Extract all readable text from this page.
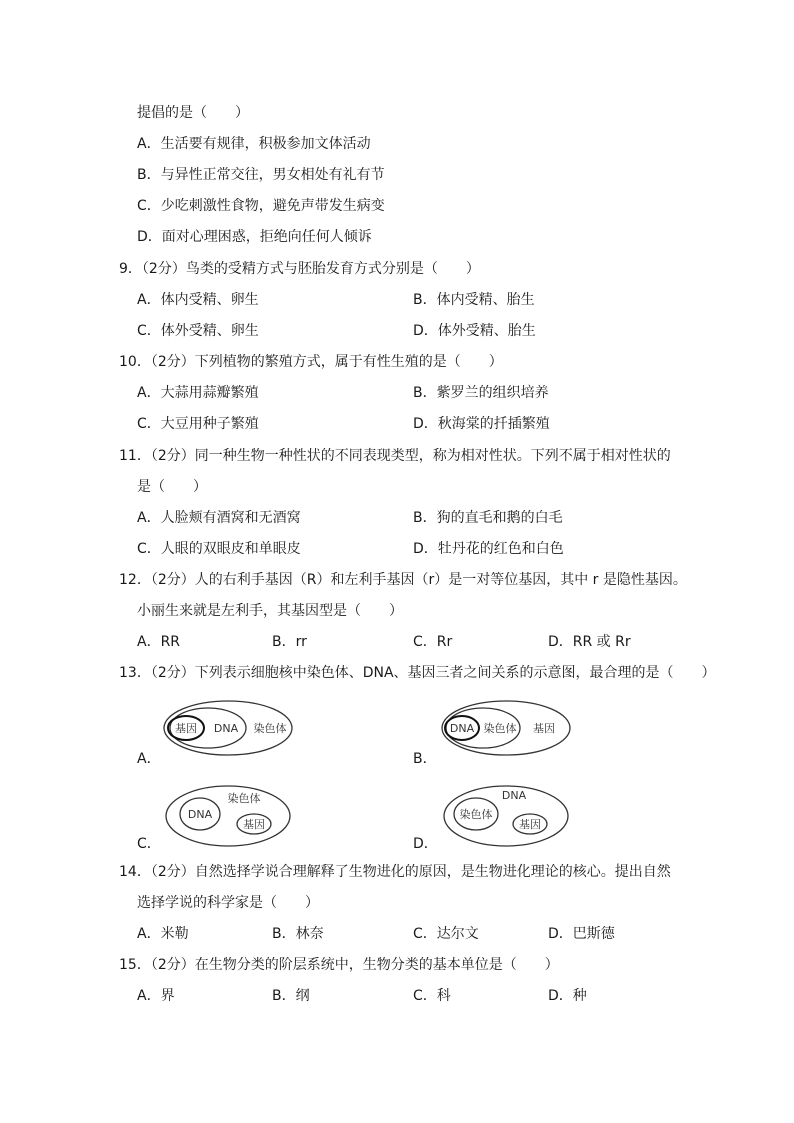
提倡的是（　　）
A．生活要有规律，积极参加文体活动
B．与异性正常交往，男女相处有礼有节
C．少吃刺激性食物，避免声带发生病变
D．面对心理困惑，拒绝向任何人倾诉
9．（2分）鸟类的受精方式与胚胎发育方式分别是（　　）
A．体内受精、卵生	B．体内受精、胎生
C．体外受精、卵生	D．体外受精、胎生
10．（2分）下列植物的繁殖方式，属于有性生殖的是（　　）
A．大蒜用蒜瓣繁殖	B．紫罗兰的组织培养
C．大豆用种子繁殖	D．秋海棠的扦插繁殖
11．（2分）同一种生物一种性状的不同表现类型，称为相对性状。下列不属于相对性状的
是（　　）
A．人脸颊有酒窝和无酒窝	B．狗的直毛和鹅的白毛
C．人眼的双眼皮和单眼皮	D．牡丹花的红色和白色
12．（2分）人的右利手基因（R）和左利手基因（r）是一对等位基因，其中 r 是隐性基因。
小丽生来就是左利手，其基因型是（　　）
A．RR	B．rr	C．Rr	D．RR 或 Rr
13．（2分）下列表示细胞核中染色体、DNA、基因三者之间关系的示意图，最合理的是（　　）
基因 DNA 染色体
A．
DNA 染色体 基因
B．
DNA
染色体
基因
C．
染色体
DNA
基因
D．
14．（2分）自然选择学说合理解释了生物进化的原因，是生物进化理论的核心。提出自然
选择学说的科学家是（　　）
A．米勒	B．林奈	C．达尔文	D．巴斯德
15．（2分）在生物分类的阶层系统中，生物分类的基本单位是（　　）
A．界	B．纲	C．科	D．种
